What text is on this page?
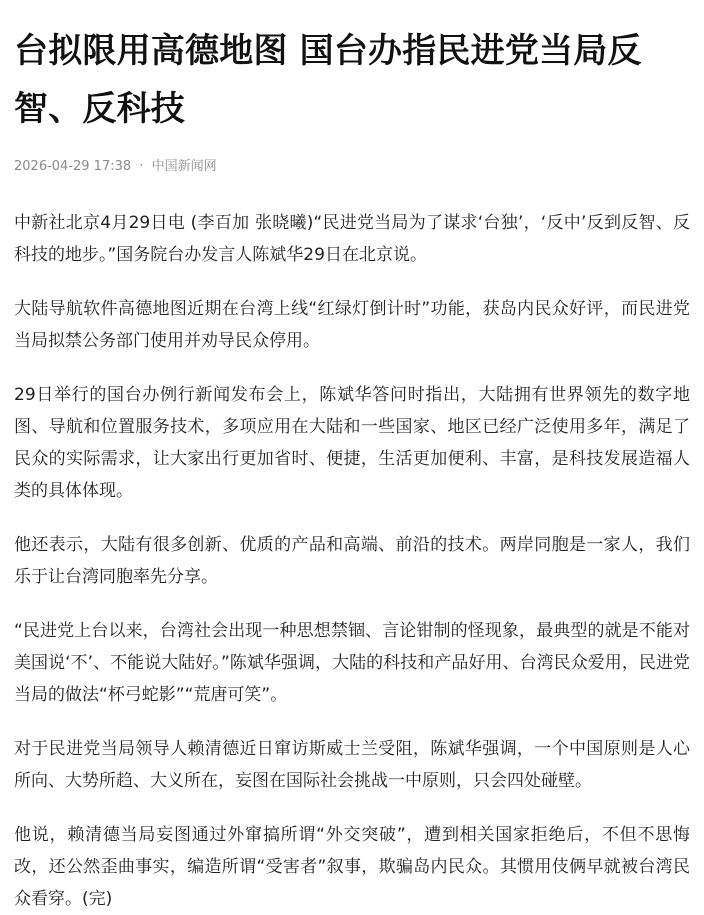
台拟限用高德地图 国台办指民进党当局反智、反科技
2026-04-29 17:38 · 中国新闻网

中新社北京4月29日电 (李百加 张晓曦)“民进党当局为了谋求‘台独’，‘反中’反到反智、反科技的地步。”国务院台办发言人陈斌华29日在北京说。

大陆导航软件高德地图近期在台湾上线“红绿灯倒计时”功能，获岛内民众好评，而民进党当局拟禁公务部门使用并劝导民众停用。

29日举行的国台办例行新闻发布会上，陈斌华答问时指出，大陆拥有世界领先的数字地图、导航和位置服务技术，多项应用在大陆和一些国家、地区已经广泛使用多年，满足了民众的实际需求，让大家出行更加省时、便捷，生活更加便利、丰富，是科技发展造福人类的具体体现。

他还表示，大陆有很多创新、优质的产品和高端、前沿的技术。两岸同胞是一家人，我们乐于让台湾同胞率先分享。

“民进党上台以来，台湾社会出现一种思想禁锢、言论钳制的怪现象，最典型的就是不能对美国说‘不’、不能说大陆好。”陈斌华强调，大陆的科技和产品好用、台湾民众爱用，民进党当局的做法“杯弓蛇影”“荒唐可笑”。

对于民进党当局领导人赖清德近日窜访斯威士兰受阻，陈斌华强调，一个中国原则是人心所向、大势所趋、大义所在，妄图在国际社会挑战一中原则，只会四处碰壁。

他说，赖清德当局妄图通过外窜搞所谓“外交突破”，遭到相关国家拒绝后，不但不思悔改，还公然歪曲事实，编造所谓“受害者”叙事，欺骗岛内民众。其惯用伎俩早就被台湾民众看穿。(完)
